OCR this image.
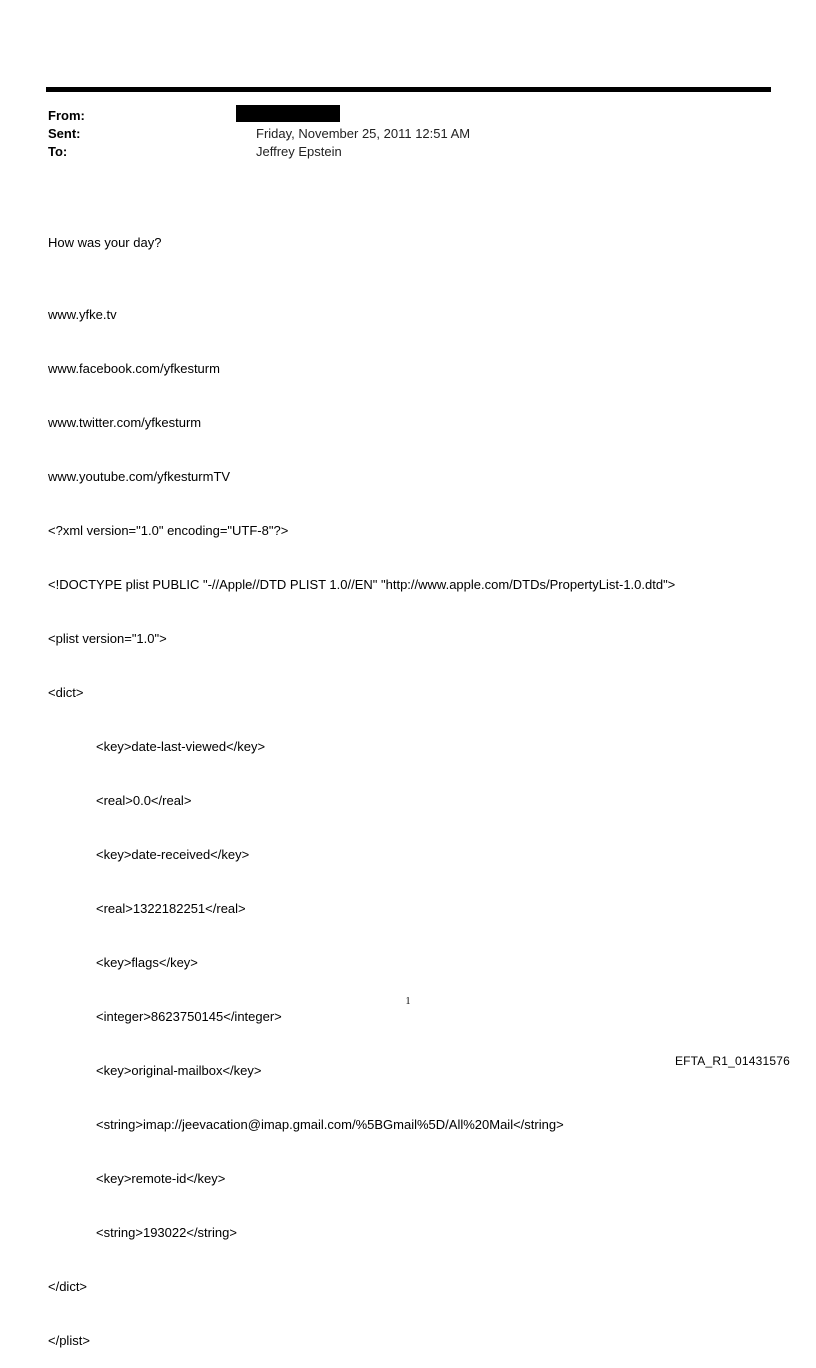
From:
Sent:	Friday, November 25, 2011 12:51 AM
To:	Jeffrey Epstein

How was your day?

www.yfke.tv

www.facebook.com/yfkesturm

www.twitter.com/yfkesturm

www.youtube.com/yfkesturmTV

<?xml version="1.0" encoding="UTF-8"?>

<!DOCTYPE plist PUBLIC "-//Apple//DTD PLIST 1.0//EN" "http://www.apple.com/DTDs/PropertyList-1.0.dtd">

<plist version="1.0">

<dict>

<key>date-last-viewed</key>

<real>0.0</real>

<key>date-received</key>

<real>1322182251</real>

<key>flags</key>

<integer>8623750145</integer>

<key>original-mailbox</key>

<string>imap://jeevacation@imap.gmail.com/%5BGmail%5D/All%20Mail</string>

<key>remote-id</key>

<string>193022</string>

</dict>

</plist>

1
EFTA_R1_01431576
